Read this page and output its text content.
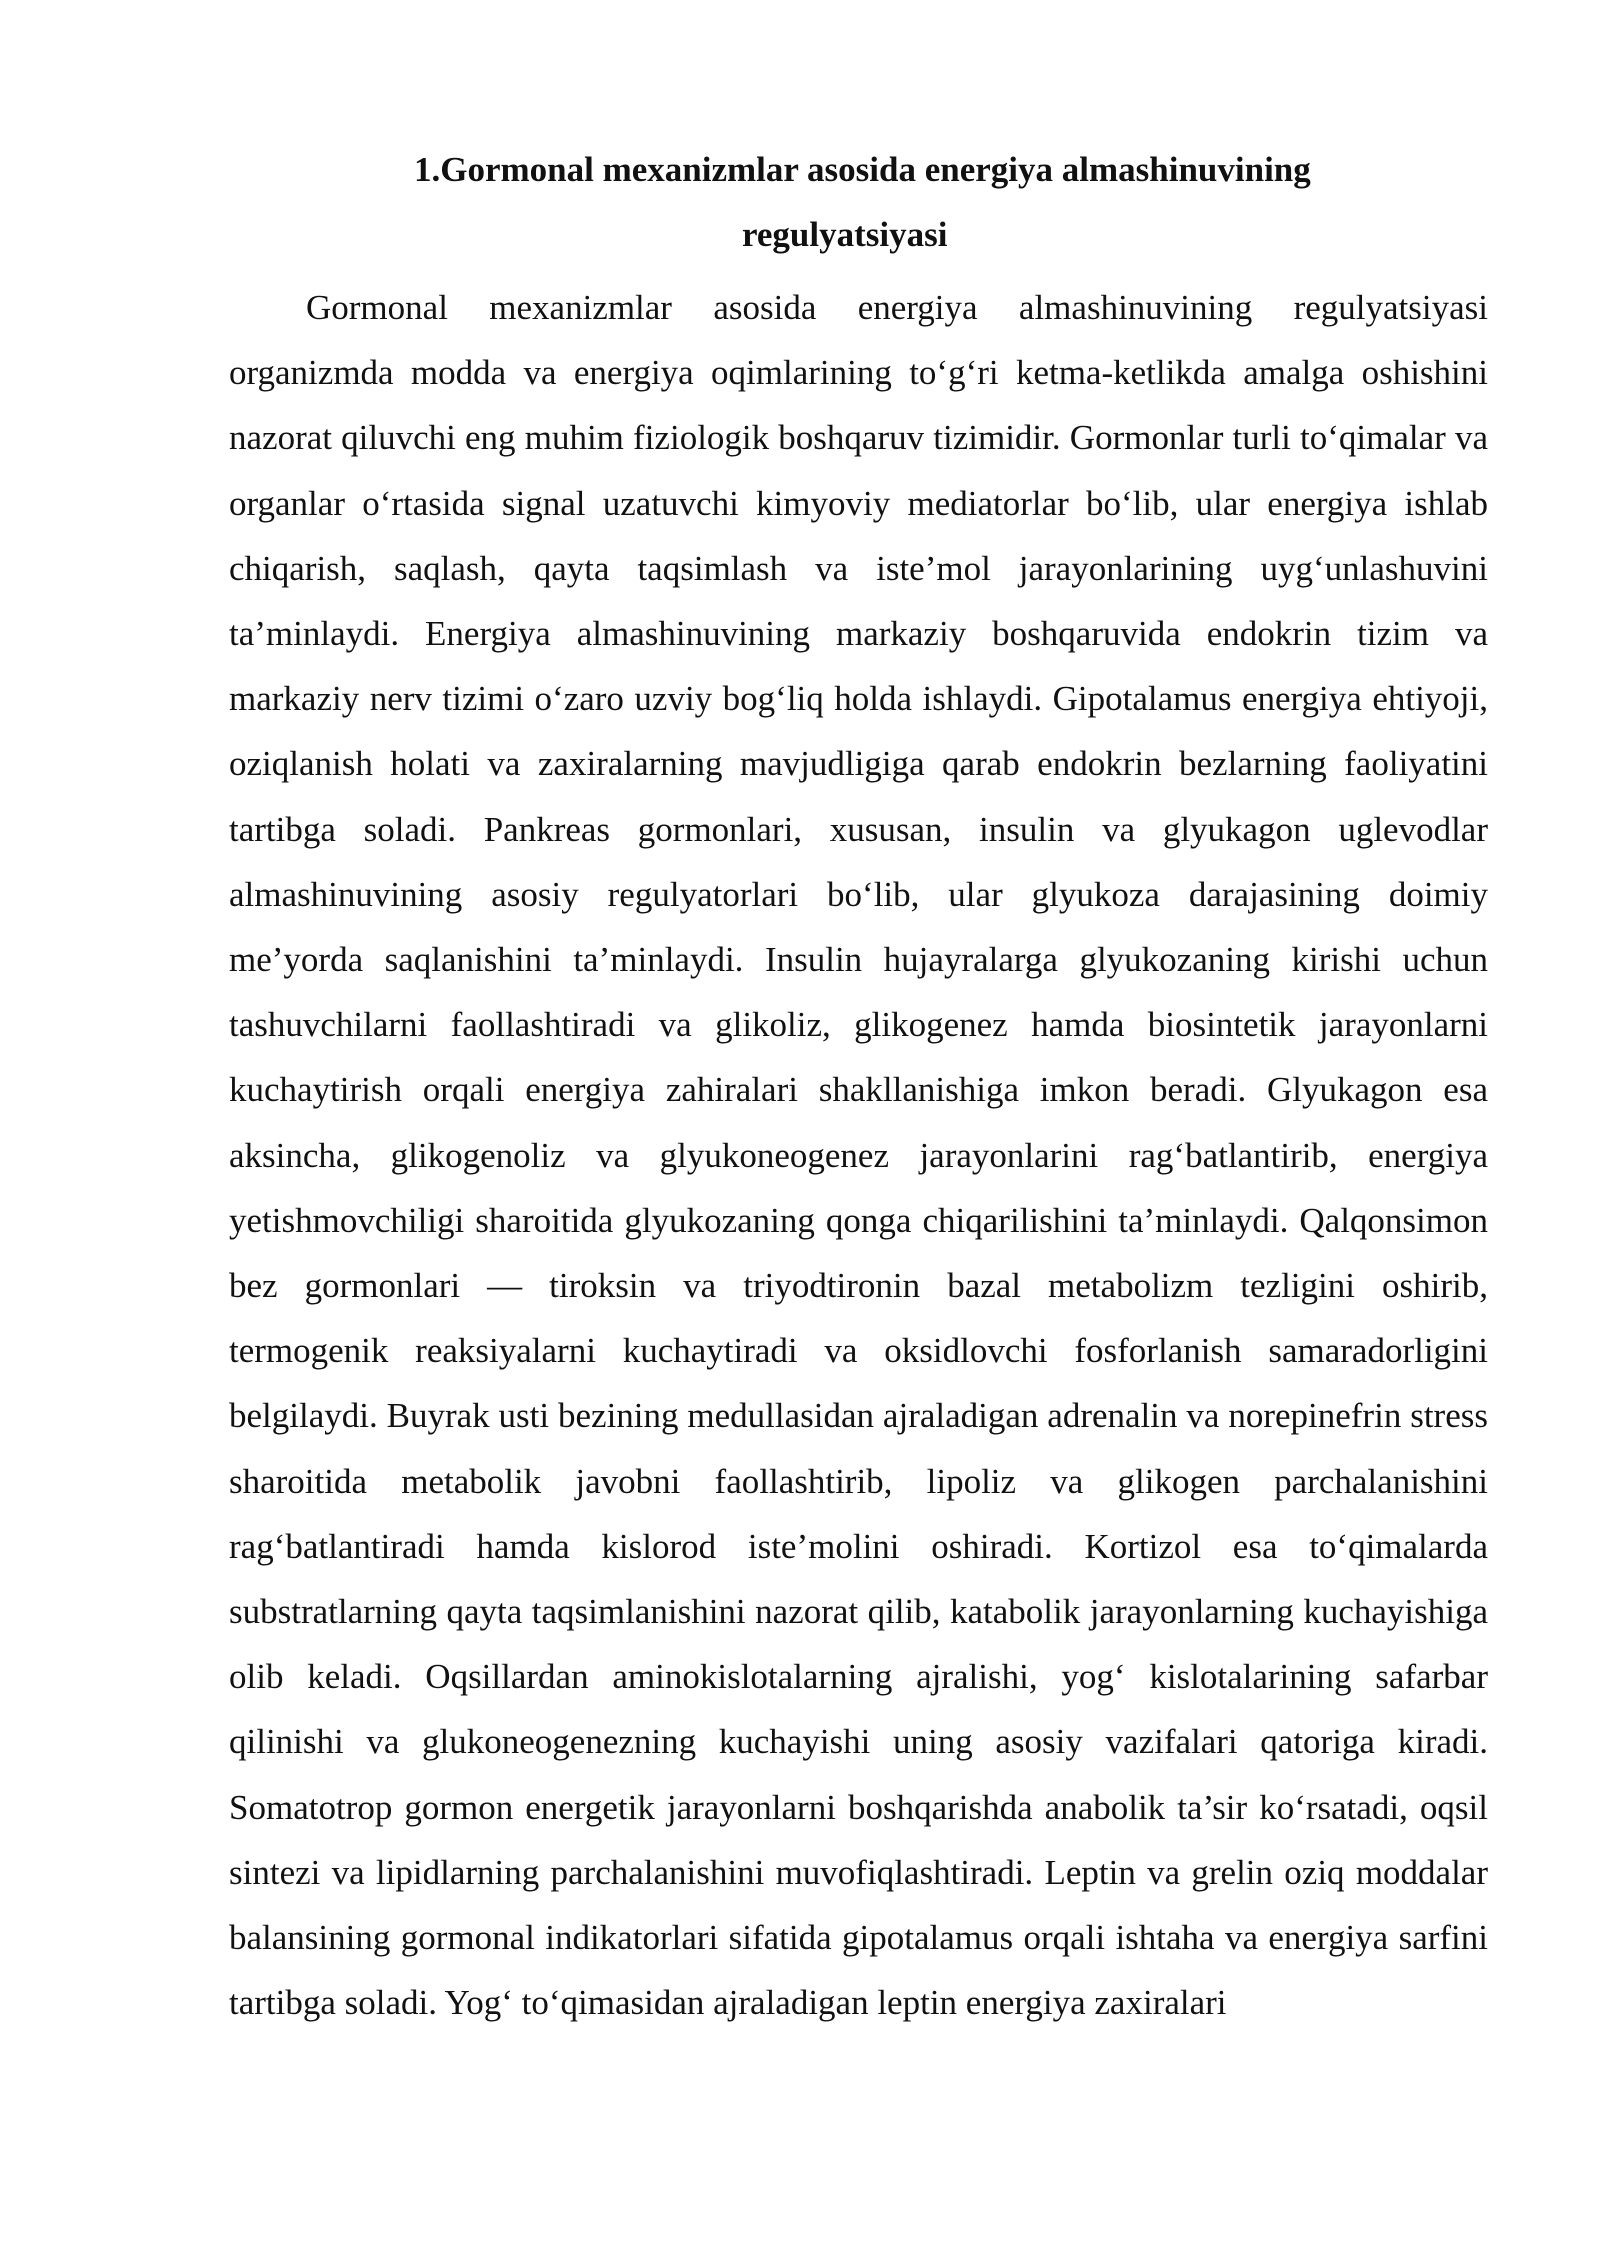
1.Gormonal mexanizmlar asosida energiya almashinuvining
regulyatsiyasi

Gormonal mexanizmlar asosida energiya almashinuvining regulyatsiyasi organizmda modda va energiya oqimlarining to‘g‘ri ketma-ketlikda amalga oshishini nazorat qiluvchi eng muhim fiziologik boshqaruv tizimidir. Gormonlar turli to‘qimalar va organlar o‘rtasida signal uzatuvchi kimyoviy mediatorlar bo‘lib, ular energiya ishlab chiqarish, saqlash, qayta taqsimlash va iste’mol jarayonlarining uyg‘unlashuvini ta’minlaydi. Energiya almashinuvining markaziy boshqaruvida endokrin tizim va markaziy nerv tizimi o‘zaro uzviy bog‘liq holda ishlaydi. Gipotalamus energiya ehtiyoji, oziqlanish holati va zaxiralarning mavjudligiga qarab endokrin bezlarning faoliyatini tartibga soladi. Pankreas gormonlari, xususan, insulin va glyukagon uglevodlar almashinuvining asosiy regulyatorlari bo‘lib, ular glyukoza darajasining doimiy me’yorda saqlanishini ta’minlaydi. Insulin hujayralarga glyukozaning kirishi uchun tashuvchilarni faollashtiradi va glikoliz, glikogenez hamda biosintetik jarayonlarni kuchaytirish orqali energiya zahiralari shakllanishiga imkon beradi. Glyukagon esa aksincha, glikogenoliz va glyukoneogenez jarayonlarini rag‘batlantirib, energiya yetishmovchiligi sharoitida glyukozaning qonga chiqarilishini ta’minlaydi. Qalqonsimon bez gormonlari — tiroksin va triyodtironin bazal metabolizm tezligini oshirib, termogenik reaksiyalarni kuchaytiradi va oksidlovchi fosforlanish samaradorligini belgilaydi. Buyrak usti bezining medullasidan ajraladigan adrenalin va norepinefrin stress sharoitida metabolik javobni faollashtirib, lipoliz va glikogen parchalanishini rag‘batlantiradi hamda kislorod iste’molini oshiradi. Kortizol esa to‘qimalarda substratlarning qayta taqsimlanishini nazorat qilib, katabolik jarayonlarning kuchayishiga olib keladi. Oqsillardan aminokislotalarning ajralishi, yog‘ kislotalarining safarbar qilinishi va glukoneogenezning kuchayishi uning asosiy vazifalari qatoriga kiradi. Somatotrop gormon energetik jarayonlarni boshqarishda anabolik ta’sir ko‘rsatadi, oqsil sintezi va lipidlarning parchalanishini muvofiqlashtiradi. Leptin va grelin oziq moddalar balansining gormonal indikatorlari sifatida gipotalamus orqali ishtaha va energiya sarfini tartibga soladi. Yog‘ to‘qimasidan ajraladigan leptin energiya zaxiralari
